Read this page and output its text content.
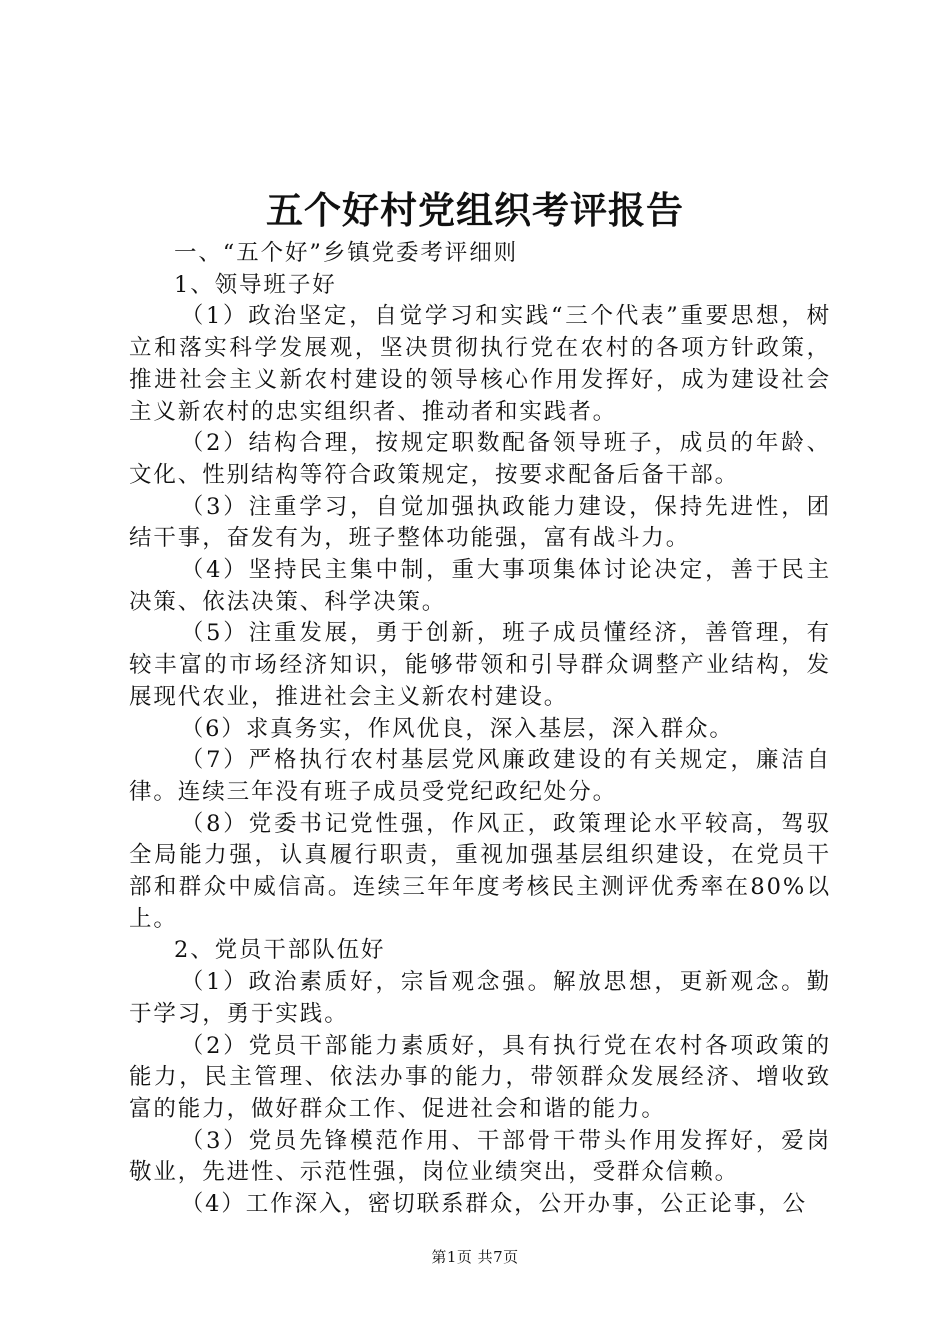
五个好村党组织考评报告

一、“五个好”乡镇党委考评细则

1、领导班子好

（1）政治坚定，自觉学习和实践“三个代表”重要思想，树立和落实科学发展观，坚决贯彻执行党在农村的各项方针政策，推进社会主义新农村建设的领导核心作用发挥好，成为建设社会主义新农村的忠实组织者、推动者和实践者。

（2）结构合理，按规定职数配备领导班子，成员的年龄、文化、性别结构等符合政策规定，按要求配备后备干部。

（3）注重学习，自觉加强执政能力建设，保持先进性，团结干事，奋发有为，班子整体功能强，富有战斗力。

（4）坚持民主集中制，重大事项集体讨论决定，善于民主决策、依法决策、科学决策。

（5）注重发展，勇于创新，班子成员懂经济，善管理，有较丰富的市场经济知识，能够带领和引导群众调整产业结构，发展现代农业，推进社会主义新农村建设。

（6）求真务实，作风优良，深入基层，深入群众。

（7）严格执行农村基层党风廉政建设的有关规定，廉洁自律。连续三年没有班子成员受党纪政纪处分。

（8）党委书记党性强，作风正，政策理论水平较高，驾驭全局能力强，认真履行职责，重视加强基层组织建设，在党员干部和群众中威信高。连续三年年度考核民主测评优秀率在80%以上。

2、党员干部队伍好

（1）政治素质好，宗旨观念强。解放思想，更新观念。勤于学习，勇于实践。

（2）党员干部能力素质好，具有执行党在农村各项政策的能力，民主管理、依法办事的能力，带领群众发展经济、增收致富的能力，做好群众工作、促进社会和谐的能力。

（3）党员先锋模范作用、干部骨干带头作用发挥好，爱岗敬业，先进性、示范性强，岗位业绩突出，受群众信赖。

（4）工作深入，密切联系群众，公开办事，公正论事，公

第1页 共7页
